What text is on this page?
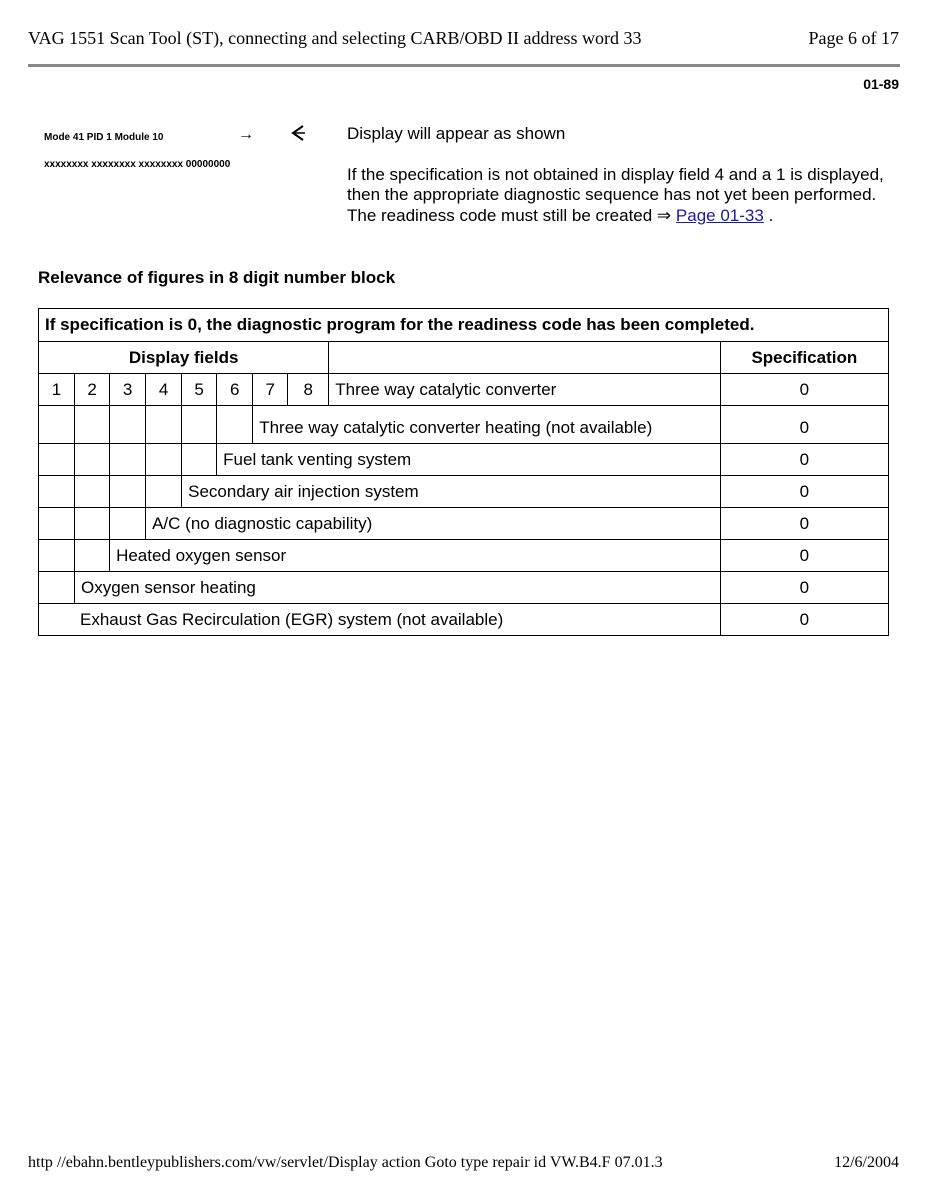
VAG 1551 Scan Tool (ST), connecting and selecting CARB/OBD II address word 33	Page 6 of 17
01-89
Mode 41 PID 1 Module 10	→
xxxxxxxx xxxxxxxx xxxxxxxx 00000000

Display will appear as shown

If the specification is not obtained in display field 4 and a 1 is displayed, then the appropriate diagnostic sequence has not yet been performed. The readiness code must still be created ⇒ Page 01-33 .

Relevance of figures in 8 digit number block
If specification is 0, the diagnostic program for the readiness code has been completed.									
Display fields									Specification
1	2	3	4	5	6	7	8	Three way catalytic converter	0
						Three way catalytic converter heating (not available)			0
					Fuel tank venting system				0
				Secondary air injection system					0
			A/C (no diagnostic capability)						0
		Heated oxygen sensor							0
	Oxygen sensor heating								0
Exhaust Gas Recirculation (EGR) system (not available)									0
http //ebahn.bentleypublishers.com/vw/servlet/Display action Goto type repair id VW.B4.F 07.01.3	12/6/2004
